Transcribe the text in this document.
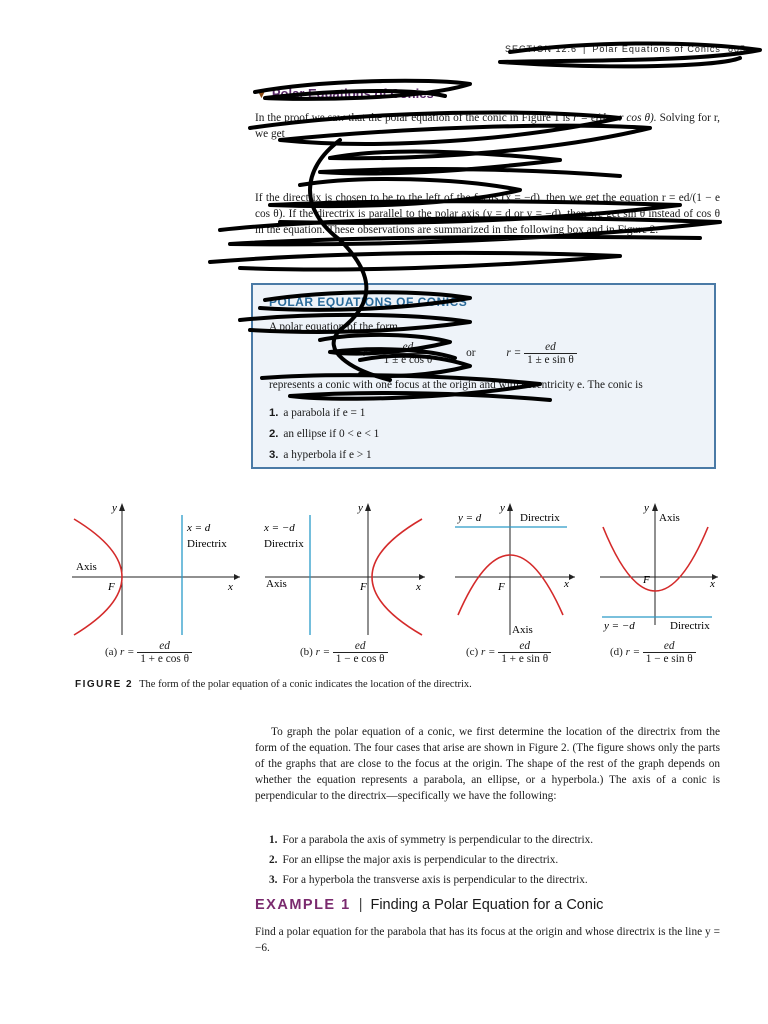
SECTION 12.6 | Polar Equations of Conics 805
▼ Polar Equations of Conics

In the proof we saw that the polar equation of the conic in Figure 1 is r = e(d − r cos θ). Solving for r, we get

If the directrix is chosen to be to the left of the focus (x = −d), then we get the equation r = ed/(1 − e cos θ). If the directrix is parallel to the polar axis (y = d or y = −d), then we get sin θ instead of cos θ in the equation. These observations are summarized in the following box and in Figure 2.

POLAR EQUATIONS OF CONICS
A polar equation of the form
$r = \frac{ed}{\text{1 ± e cos θ}}$	or	$r = \frac{ed}{\text{1 ± e sin θ}}$
represents a conic with one focus at the origin and with eccentricity e. The conic is
1. a parabola if e = 1
2. an ellipse if 0 < e < 1
3. a hyperbola if e > 1
y
x
F
Axis
x = d
Directrix
y
x
F
Axis
x = −d
Directrix
y
x
F
Axis
y = d	Directrix
y
x
F
Axis
y = −d	Directrix
(a) $r = \frac{ed}{\text{1 + e cos θ}}$	(b) $r = \frac{ed}{\text{1 − e cos θ}}$	(c) $r = \frac{ed}{\text{1 + e sin θ}}$	(d) $r = \frac{ed}{\text{1 − e sin θ}}$
FIGURE 2 The form of the polar equation of a conic indicates the location of the directrix.

To graph the polar equation of a conic, we first determine the location of the directrix from the form of the equation. The four cases that arise are shown in Figure 2. (The figure shows only the parts of the graphs that are close to the focus at the origin. The shape of the rest of the graph depends on whether the equation represents a parabola, an ellipse, or a hyperbola.) The axis of a conic is perpendicular to the directrix—specifically we have the following:

1. For a parabola the axis of symmetry is perpendicular to the directrix.
2. For an ellipse the major axis is perpendicular to the directrix.
3. For a hyperbola the transverse axis is perpendicular to the directrix.
EXAMPLE 1 | Finding a Polar Equation for a Conic

Find a polar equation for the parabola that has its focus at the origin and whose directrix is the line y = −6.
